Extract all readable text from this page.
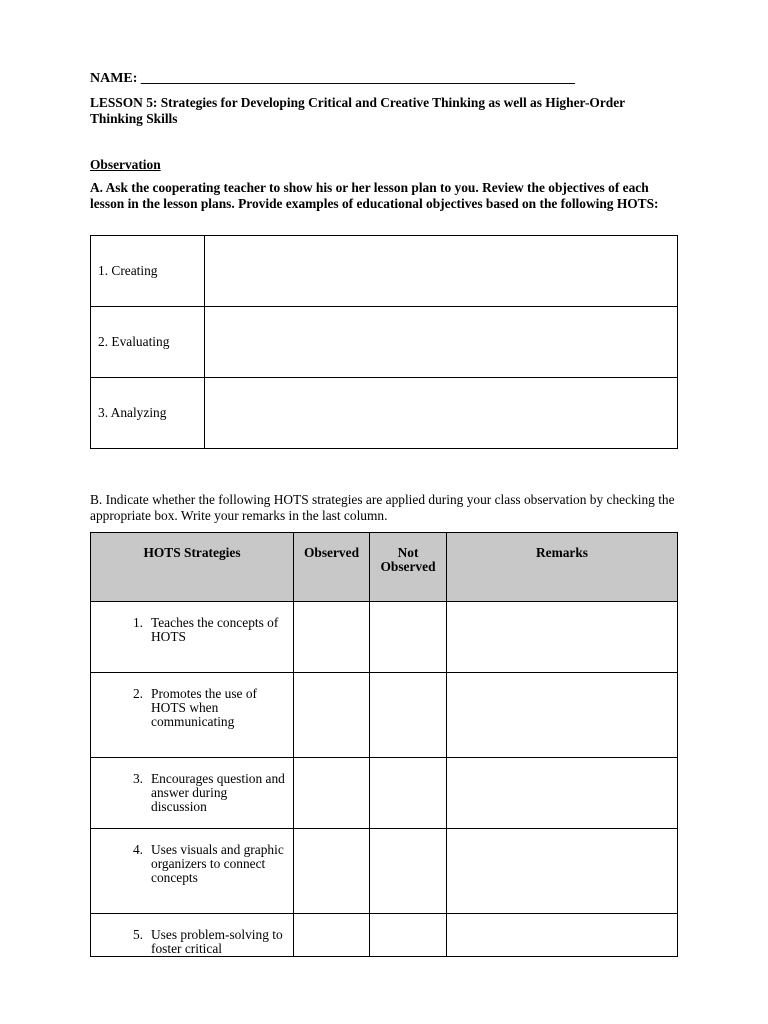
NAME: ______________________________________________________________
LESSON 5: Strategies for Developing Critical and Creative Thinking as well as Higher-Order Thinking Skills
Observation
A. Ask the cooperating teacher to show his or her lesson plan to you. Review the objectives of each lesson in the lesson plans. Provide examples of educational objectives based on the following HOTS:
1. Creating	
2. Evaluating	
3. Analyzing	
B. Indicate whether the following HOTS strategies are applied during your class observation by checking the appropriate box. Write your remarks in the last column.
HOTS Strategies	Observed	Not Observed	Remarks

1. Teaches the concepts of HOTS			

2. Promotes the use of HOTS when communicating			

3. Encourages question and answer during discussion			

4. Uses visuals and graphic organizers to connect concepts			

5. Uses problem-solving to foster critical			
